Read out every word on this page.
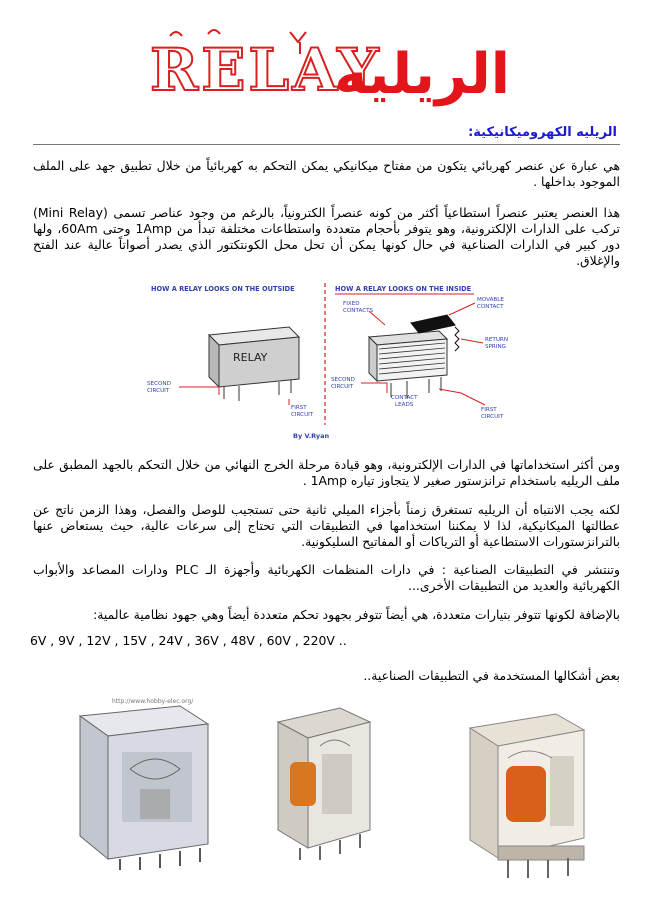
RELAY
الريليه
الريليه الكهروميكانيكية:
هي عبارة عن عنصر كهربائي يتكون من مفتاح ميكانيكي يمكن التحكم به كهربائياً من خلال تطبيق جهد على الملف الموجود بداخلها .
هذا العنصر يعتبر عنصراً استطاعياً أكثر من كونه عنصراً الكترونياً، بالرغم من وجود عناصر تسمى (Mini Relay) تركب على الدارات الإلكترونية، وهو يتوفر بأحجام متعددة واستطاعات مختلفة تبدأ من 1Amp وحتى 60Am، ولها دور كبير في الدارات الصناعية في حال كونها يمكن أن تحل محل الكونتكتور الذي يصدر أصواتاً عالية عند الفتح والإغلاق.
HOW A RELAY LOOKS ON THE OUTSIDE	HOW A RELAY LOOKS ON THE INSIDE
RELAY
SECOND
CIRCUIT
FIRST
CIRCUIT
FIXED
CONTACTS
MOVABLE
CONTACT
RETURN
SPRING
SECOND
CIRCUIT
CONTACT
LEADS
FIRST
CIRCUIT
By V.Ryan
ومن أكثر استخداماتها في الدارات الإلكترونية، وهو قيادة مرحلة الخرج النهائي من خلال التحكم بالجهد المطبق على ملف الريليه باستخدام ترانزستور صغير لا يتجاوز تياره 1Amp .
لكنه يجب الانتباه أن الريليه تستغرق زمناً بأجزاء الميلي ثانية حتى تستجيب للوصل والفصل، وهذا الزمن ناتج عن عطالتها الميكانيكية، لذا لا يمكننا استخدامها في التطبيقات التي تحتاج إلى سرعات عالية، حيث يستعاض عنها بالترانزستورات الاستطاعية أو الترياكات أو المفاتيح السليكونية.
وتنتشر في التطبيقات الصناعية : في دارات المنظمات الكهربائية وأجهزة الـ PLC ودارات المصاعد والأبواب الكهربائية والعديد من التطبيقات الأخرى...
بالإضافة لكونها تتوفر بتيارات متعددة، هي أيضاً تتوفر بجهود تحكم متعددة أيضاً وهي جهود نظامية عالمية:
6V , 9V , 12V , 15V , 24V , 36V , 48V , 60V , 220V ..
بعض أشكالها المستخدمة في التطبيقات الصناعية..
http://www.hobby-elec.org/
